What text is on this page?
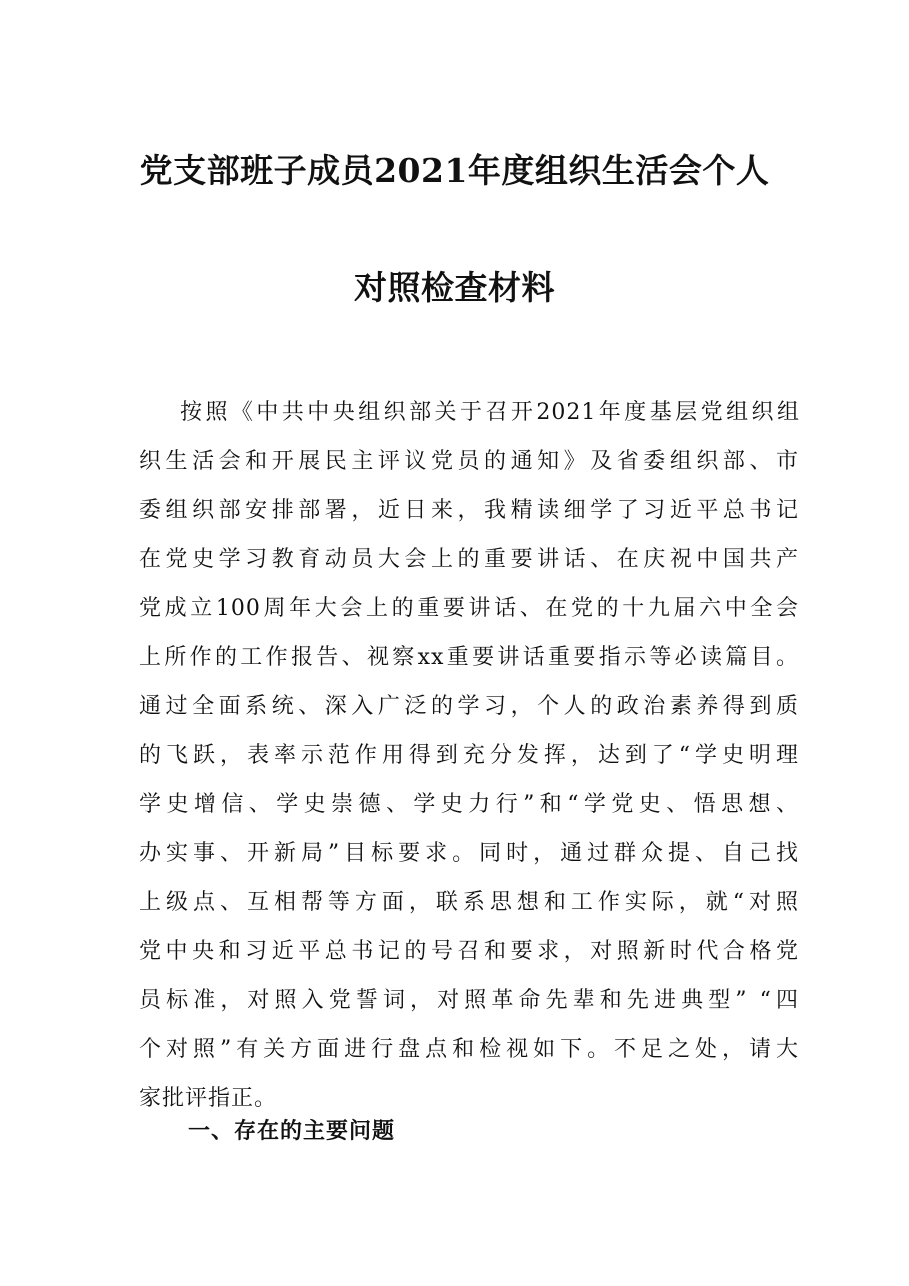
党支部班子成员2021年度组织生活会个人
对照检查材料
按照《中共中央组织部关于召开2021年度基层党组织组
织生活会和开展民主评议党员的通知》及省委组织部、市
委组织部安排部署，近日来，我精读细学了习近平总书记
在党史学习教育动员大会上的重要讲话、在庆祝中国共产
党成立100周年大会上的重要讲话、在党的十九届六中全会
上所作的工作报告、视察xx重要讲话重要指示等必读篇目。
通过全面系统、深入广泛的学习，个人的政治素养得到质
的飞跃，表率示范作用得到充分发挥，达到了“学史明理
学史增信、学史崇德、学史力行”和“学党史、悟思想、
办实事、开新局”目标要求。同时，通过群众提、自己找
上级点、互相帮等方面，联系思想和工作实际，就“对照
党中央和习近平总书记的号召和要求，对照新时代合格党
员标准，对照入党誓词，对照革命先辈和先进典型” “四
个对照”有关方面进行盘点和检视如下。不足之处，请大
家批评指正。
一、存在的主要问题
